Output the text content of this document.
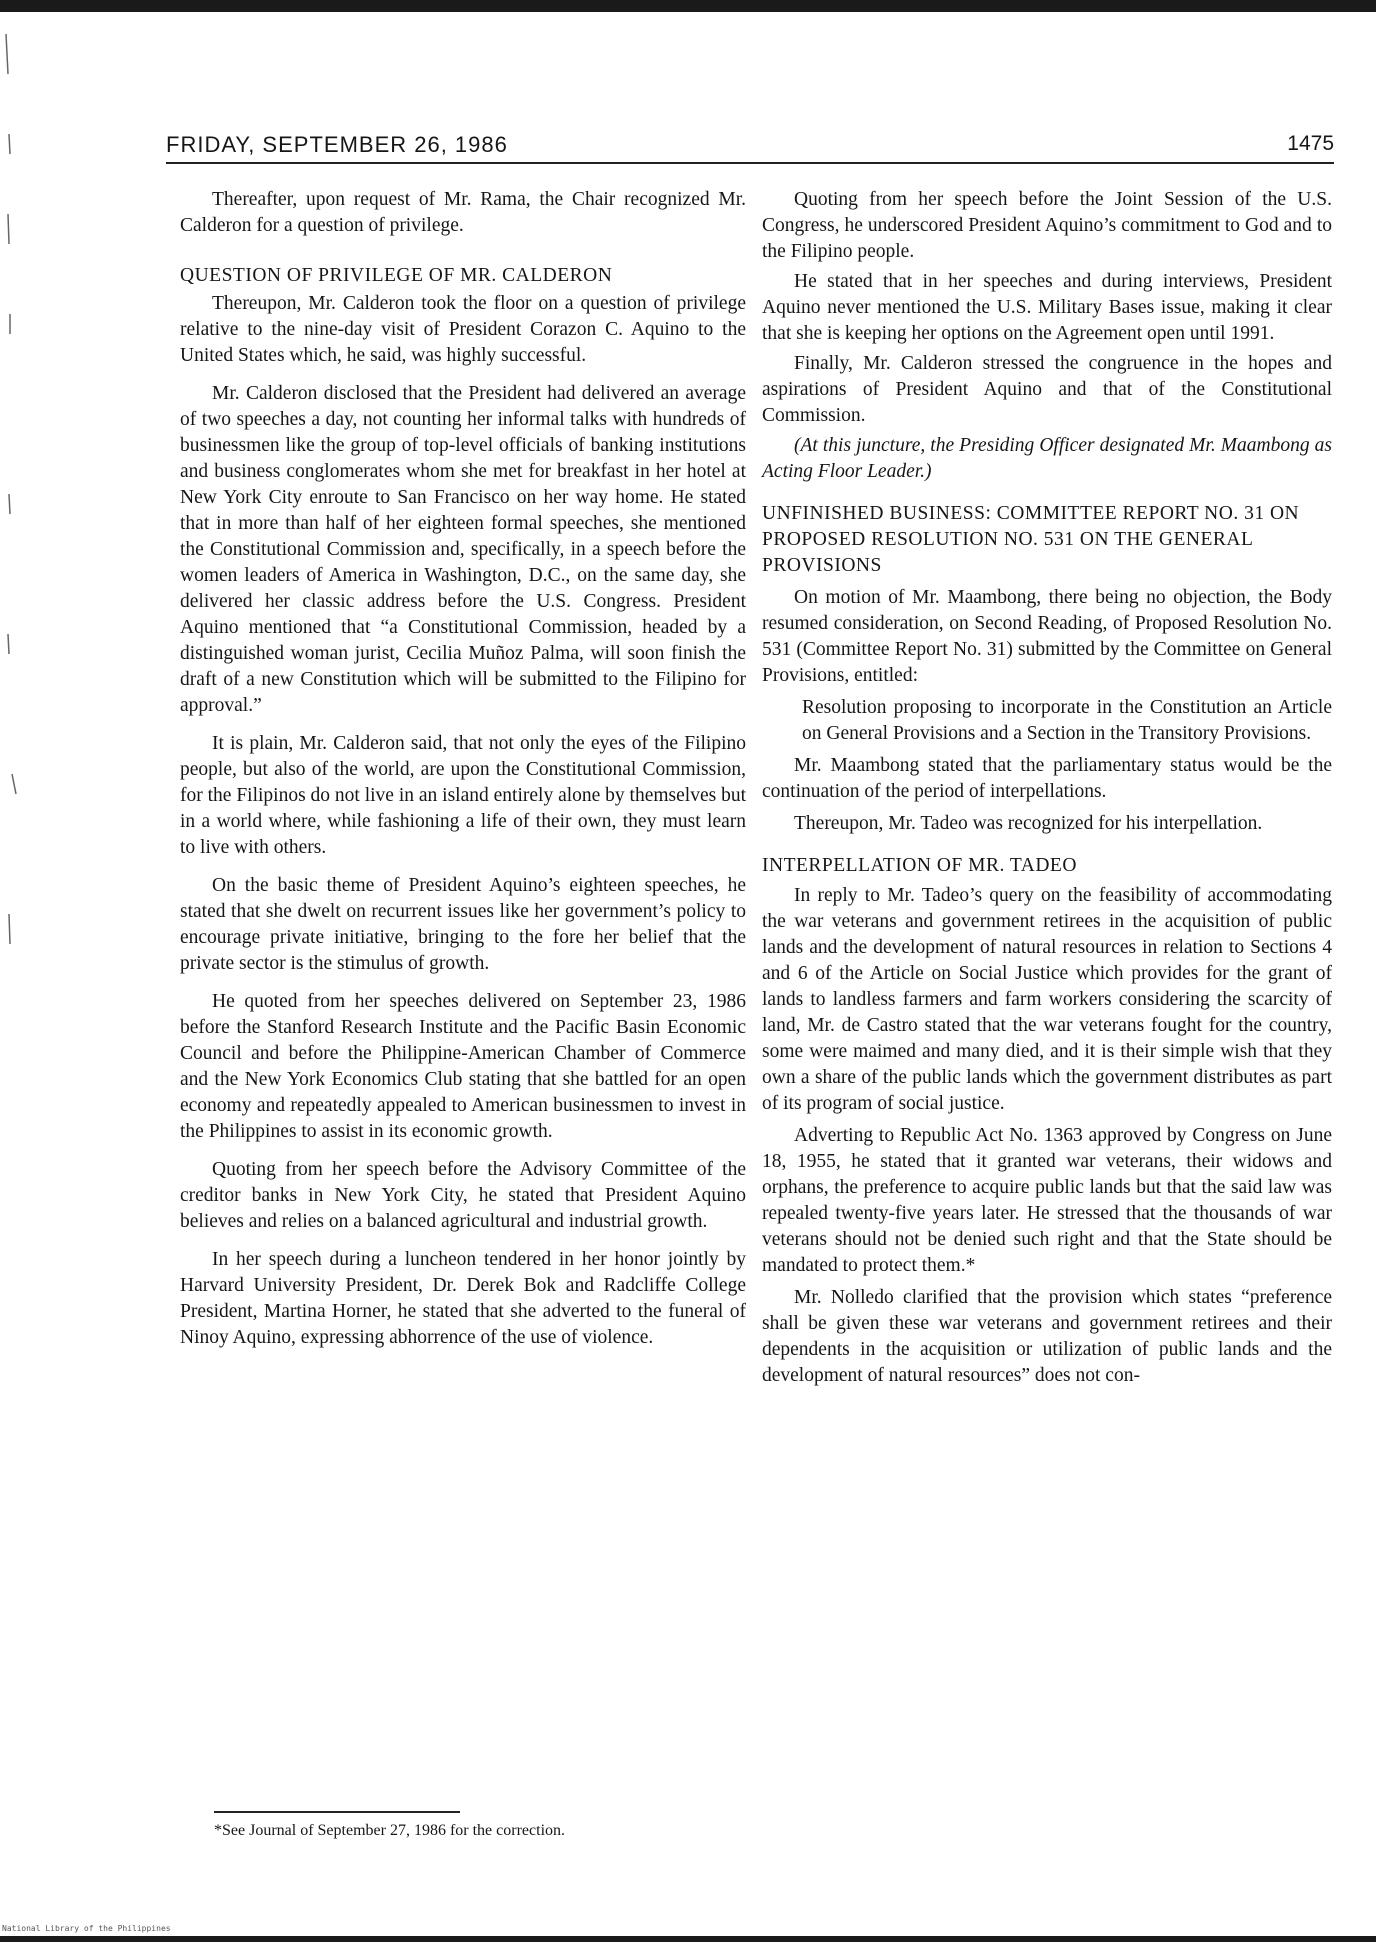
FRIDAY, SEPTEMBER 26, 1986	1475

Thereafter, upon request of Mr. Rama, the Chair recognized Mr. Calderon for a question of privilege.

QUESTION OF PRIVILEGE OF MR. CALDERON

Thereupon, Mr. Calderon took the floor on a question of privilege relative to the nine-day visit of President Corazon C. Aquino to the United States which, he said, was highly successful.

Mr. Calderon disclosed that the President had delivered an average of two speeches a day, not counting her informal talks with hundreds of businessmen like the group of top-level officials of banking institutions and business conglomerates whom she met for breakfast in her hotel at New York City enroute to San Francisco on her way home. He stated that in more than half of her eighteen formal speeches, she mentioned the Constitutional Commission and, specifically, in a speech before the women leaders of America in Washington, D.C., on the same day, she delivered her classic address before the U.S. Congress. President Aquino mentioned that “a Constitutional Commission, headed by a distinguished woman jurist, Cecilia Muñoz Palma, will soon finish the draft of a new Constitution which will be submitted to the Filipino for approval.”

It is plain, Mr. Calderon said, that not only the eyes of the Filipino people, but also of the world, are upon the Constitutional Commission, for the Filipinos do not live in an island entirely alone by themselves but in a world where, while fashioning a life of their own, they must learn to live with others.

On the basic theme of President Aquino’s eighteen speeches, he stated that she dwelt on recurrent issues like her government’s policy to encourage private initiative, bringing to the fore her belief that the private sector is the stimulus of growth.

He quoted from her speeches delivered on September 23, 1986 before the Stanford Research Institute and the Pacific Basin Economic Council and before the Philippine-American Chamber of Commerce and the New York Economics Club stating that she battled for an open economy and repeatedly appealed to American businessmen to invest in the Philippines to assist in its economic growth.

Quoting from her speech before the Advisory Committee of the creditor banks in New York City, he stated that President Aquino believes and relies on a balanced agricultural and industrial growth.

In her speech during a luncheon tendered in her honor jointly by Harvard University President, Dr. Derek Bok and Radcliffe College President, Martina Horner, he stated that she adverted to the funeral of Ninoy Aquino, expressing abhorrence of the use of violence.

Quoting from her speech before the Joint Session of the U.S. Congress, he underscored President Aquino’s commitment to God and to the Filipino people.

He stated that in her speeches and during interviews, President Aquino never mentioned the U.S. Military Bases issue, making it clear that she is keeping her options on the Agreement open until 1991.

Finally, Mr. Calderon stressed the congruence in the hopes and aspirations of President Aquino and that of the Constitutional Commission.

(At this juncture, the Presiding Officer designated Mr. Maambong as Acting Floor Leader.)

UNFINISHED BUSINESS: COMMITTEE REPORT NO. 31 ON PROPOSED RESOLUTION NO. 531 ON THE GENERAL PROVISIONS

On motion of Mr. Maambong, there being no objection, the Body resumed consideration, on Second Reading, of Proposed Resolution No. 531 (Committee Report No. 31) submitted by the Committee on General Provisions, entitled:

Resolution proposing to incorporate in the Constitution an Article on General Provisions and a Section in the Transitory Provisions.

Mr. Maambong stated that the parliamentary status would be the continuation of the period of interpellations.

Thereupon, Mr. Tadeo was recognized for his interpellation.

INTERPELLATION OF MR. TADEO

In reply to Mr. Tadeo’s query on the feasibility of accommodating the war veterans and government retirees in the acquisition of public lands and the development of natural resources in relation to Sections 4 and 6 of the Article on Social Justice which provides for the grant of lands to landless farmers and farm workers considering the scarcity of land, Mr. de Castro stated that the war veterans fought for the country, some were maimed and many died, and it is their simple wish that they own a share of the public lands which the government distributes as part of its program of social justice.

Adverting to Republic Act No. 1363 approved by Congress on June 18, 1955, he stated that it granted war veterans, their widows and orphans, the preference to acquire public lands but that the said law was repealed twenty-five years later. He stressed that the thousands of war veterans should not be denied such right and that the State should be mandated to protect them.*

Mr. Nolledo clarified that the provision which states “preference shall be given these war veterans and government retirees and their dependents in the acquisition or utilization of public lands and the development of natural resources” does not con-

*See Journal of September 27, 1986 for the correction.
National Library of the Philippines
